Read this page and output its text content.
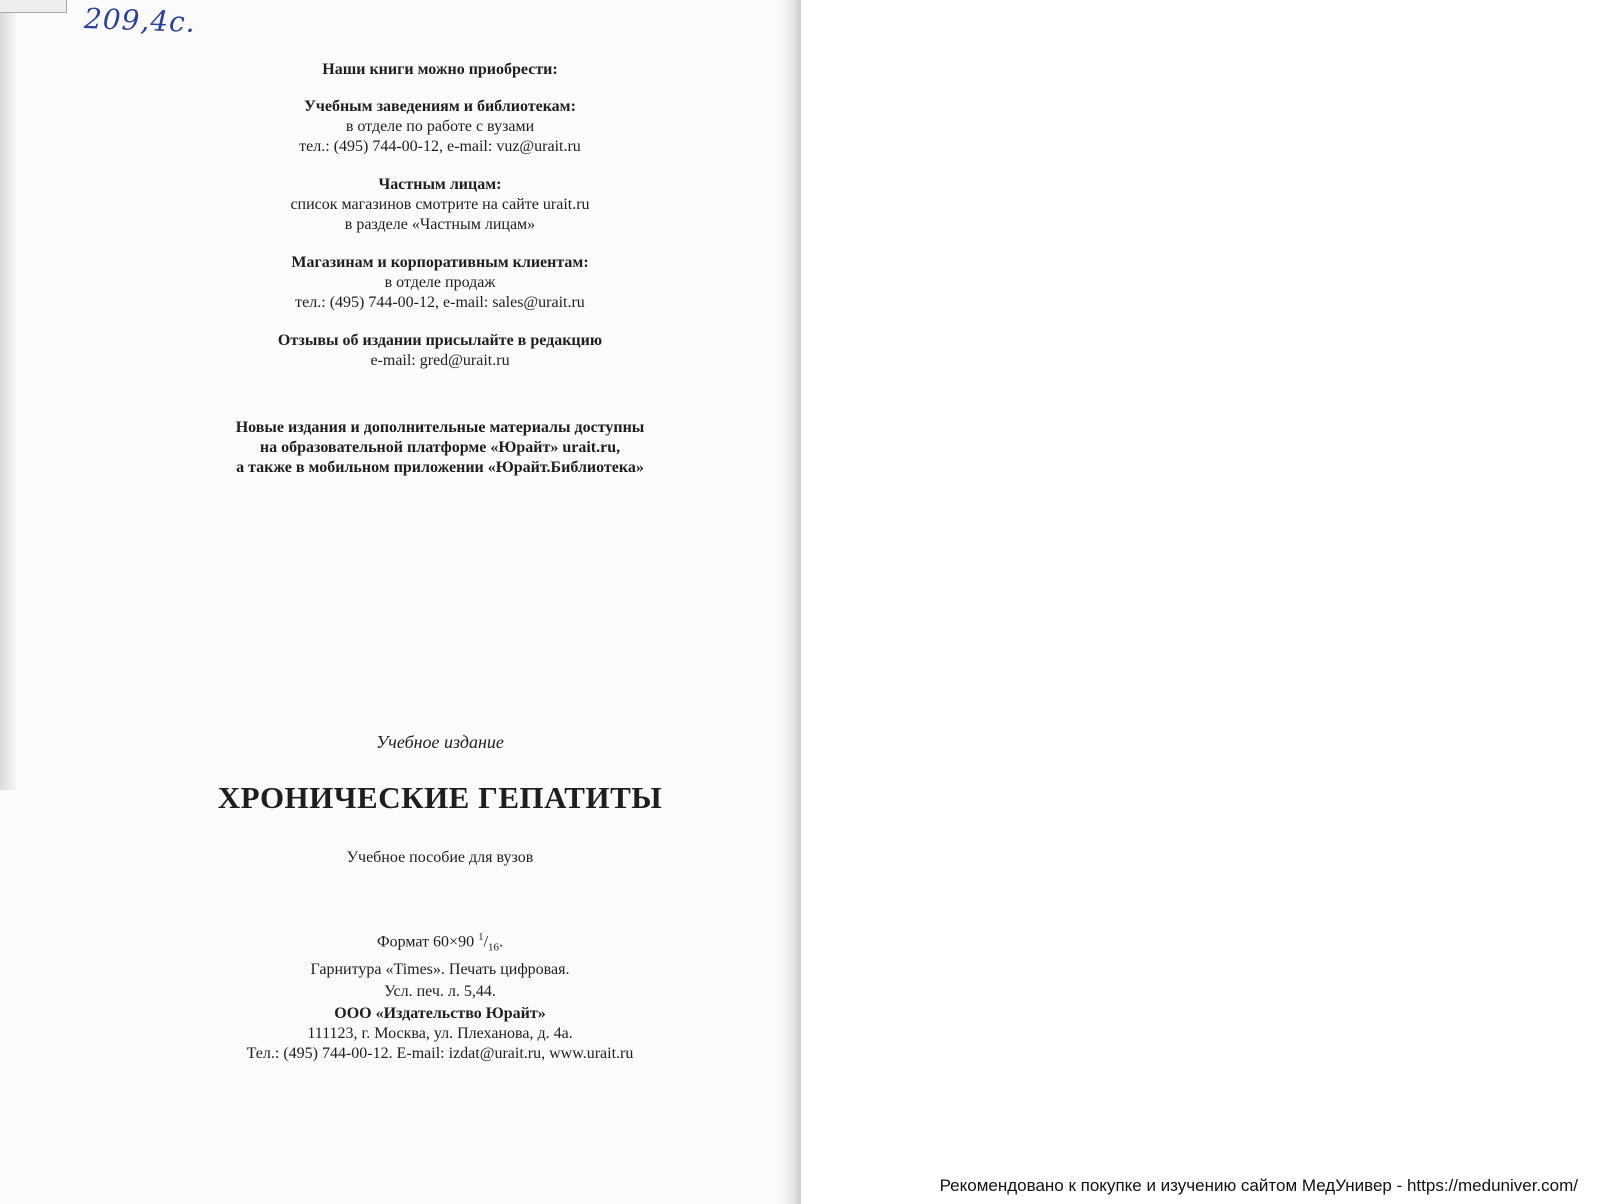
209,4с.
Наши книги можно приобрести:
Учебным заведениям и библиотекам:
в отделе по работе с вузами
тел.: (495) 744-00-12, e-mail: vuz@urait.ru
Частным лицам:
список магазинов смотрите на сайте urait.ru
в разделе «Частным лицам»
Магазинам и корпоративным клиентам:
в отделе продаж
тел.: (495) 744-00-12, e-mail: sales@urait.ru
Отзывы об издании присылайте в редакцию
e-mail: gred@urait.ru
Новые издания и дополнительные материалы доступны
на образовательной платформе «Юрайт» urait.ru,
а также в мобильном приложении «Юрайт.Библиотека»
Учебное издание
ХРОНИЧЕСКИЕ ГЕПАТИТЫ
Учебное пособие для вузов
Формат 60×90 $^1/_{16}$.
Гарнитура «Times». Печать цифровая.
Усл. печ. л. 5,44.
ООО «Издательство Юрайт»
111123, г. Москва, ул. Плеханова, д. 4а.
Тел.: (495) 744-00-12. E-mail: izdat@urait.ru, www.urait.ru
Рекомендовано к покупке и изучению сайтом МедУнивер - https://meduniver.com/
